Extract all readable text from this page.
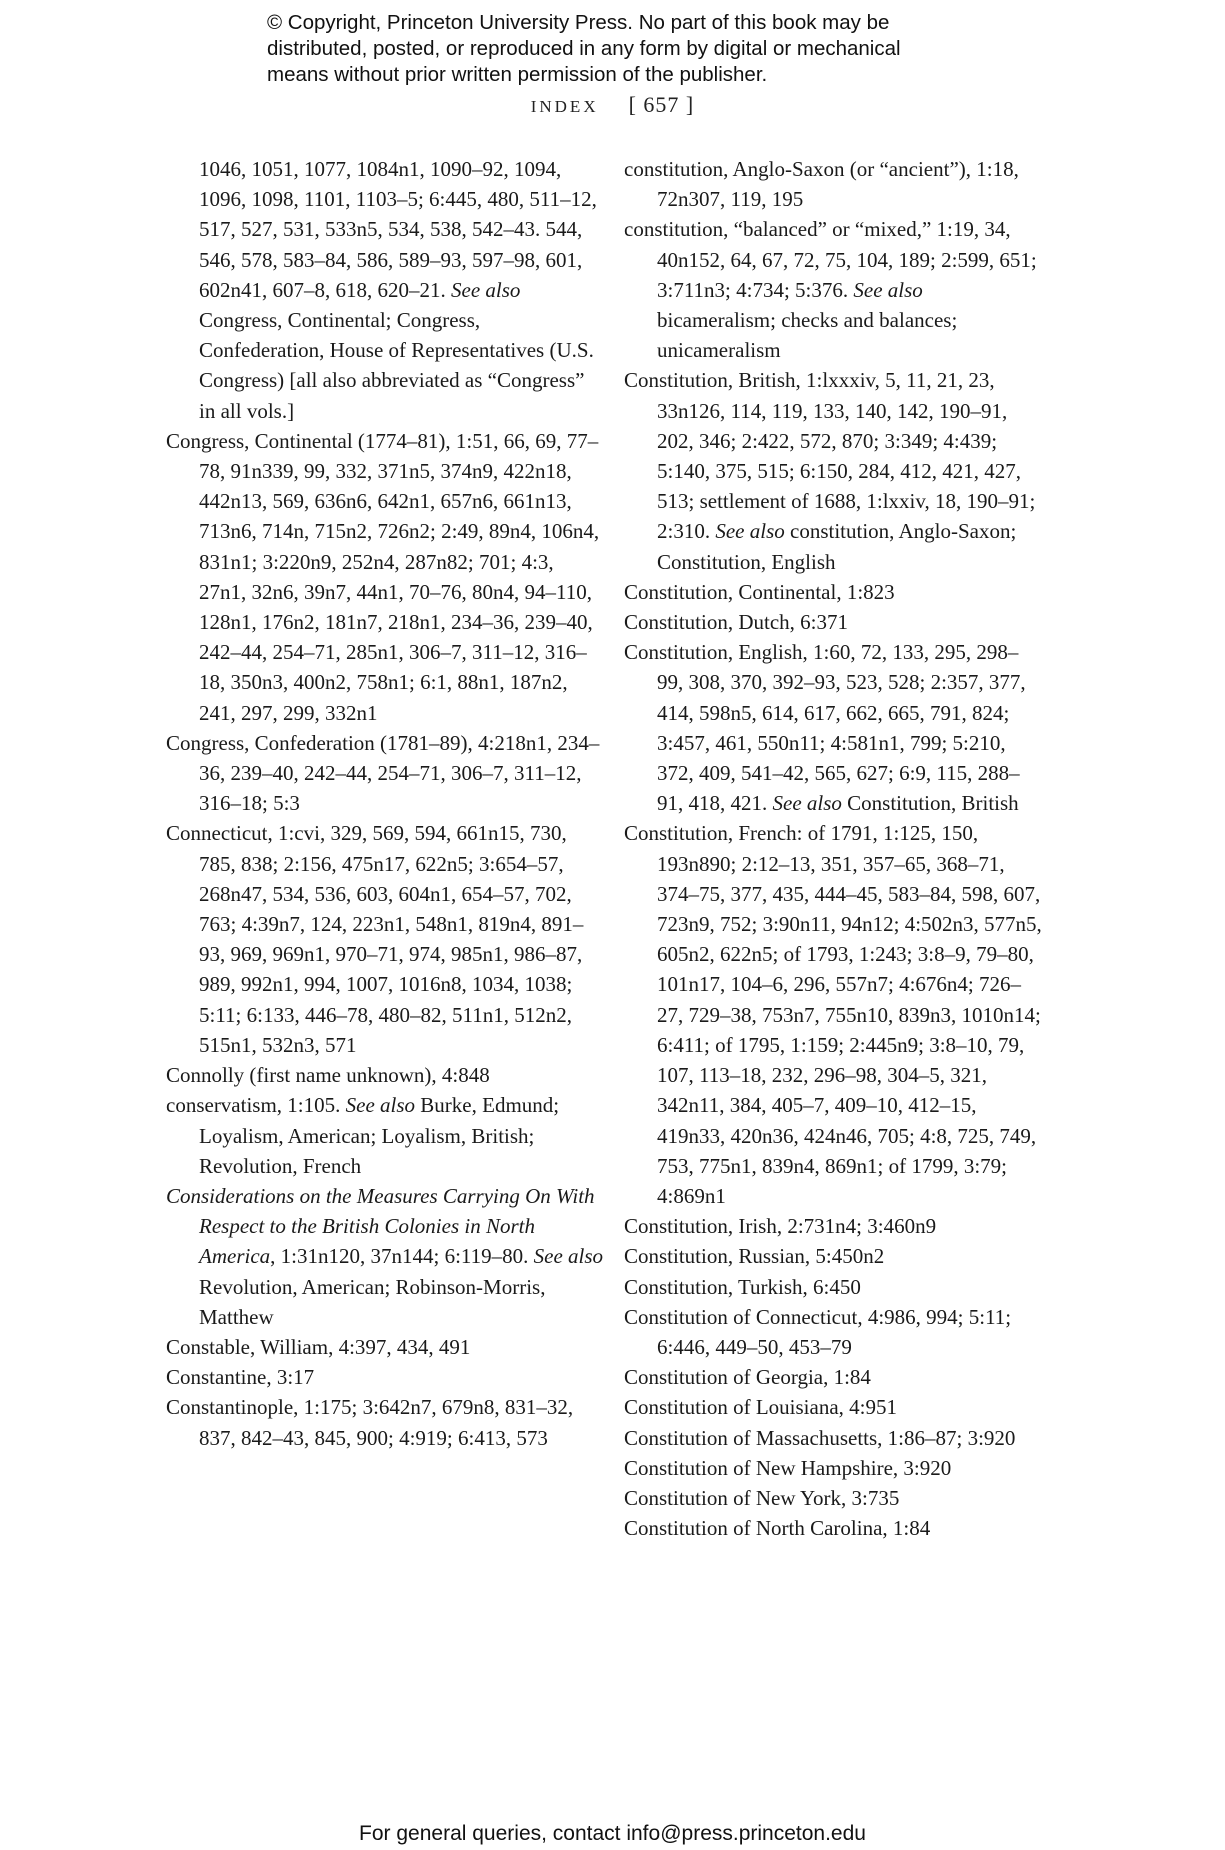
© Copyright, Princeton University Press. No part of this book may be
distributed, posted, or reproduced in any form by digital or mechanical
means without prior written permission of the publisher.
INDEX [ 657 ]

1046, 1051, 1077, 1084n1, 1090–92, 1094, 1096, 1098, 1101, 1103–5; 6:445, 480, 511–12, 517, 527, 531, 533n5, 534, 538, 542–43. 544, 546, 578, 583–84, 586, 589–93, 597–98, 601, 602n41, 607–8, 618, 620–21. See also Congress, Continental; Congress, Confederation, House of Representatives (U.S. Congress) [all also abbreviated as “Congress” in all vols.]

Congress, Continental (1774–81), 1:51, 66, 69, 77–78, 91n339, 99, 332, 371n5, 374n9, 422n18, 442n13, 569, 636n6, 642n1, 657n6, 661n13, 713n6, 714n, 715n2, 726n2; 2:49, 89n4, 106n4, 831n1; 3:220n9, 252n4, 287n82; 701; 4:3, 27n1, 32n6, 39n7, 44n1, 70–76, 80n4, 94–110, 128n1, 176n2, 181n7, 218n1, 234–36, 239–40, 242–44, 254–71, 285n1, 306–7, 311–12, 316–18, 350n3, 400n2, 758n1; 6:1, 88n1, 187n2, 241, 297, 299, 332n1

Congress, Confederation (1781–89), 4:218n1, 234–36, 239–40, 242–44, 254–71, 306–7, 311–12, 316–18; 5:3

Connecticut, 1:cvi, 329, 569, 594, 661n15, 730, 785, 838; 2:156, 475n17, 622n5; 3:654–57, 268n47, 534, 536, 603, 604n1, 654–57, 702, 763; 4:39n7, 124, 223n1, 548n1, 819n4, 891–93, 969, 969n1, 970–71, 974, 985n1, 986–87, 989, 992n1, 994, 1007, 1016n8, 1034, 1038; 5:11; 6:133, 446–78, 480–82, 511n1, 512n2, 515n1, 532n3, 571

Connolly (first name unknown), 4:848

conservatism, 1:105. See also Burke, Edmund; Loyalism, American; Loyalism, British; Revolution, French

Considerations on the Measures Carrying On With Respect to the British Colonies in North America, 1:31n120, 37n144; 6:119–80. See also Revolution, American; Robinson-Morris, Matthew

Constable, William, 4:397, 434, 491

Constantine, 3:17

Constantinople, 1:175; 3:642n7, 679n8, 831–32, 837, 842–43, 845, 900; 4:919; 6:413, 573

constitution, Anglo-Saxon (or “ancient”), 1:18, 72n307, 119, 195

constitution, “balanced” or “mixed,” 1:19, 34, 40n152, 64, 67, 72, 75, 104, 189; 2:599, 651; 3:711n3; 4:734; 5:376. See also bicameralism; checks and balances; unicameralism

Constitution, British, 1:lxxxiv, 5, 11, 21, 23, 33n126, 114, 119, 133, 140, 142, 190–91, 202, 346; 2:422, 572, 870; 3:349; 4:439; 5:140, 375, 515; 6:150, 284, 412, 421, 427, 513; settlement of 1688, 1:lxxiv, 18, 190–91; 2:310. See also constitution, Anglo-Saxon; Constitution, English

Constitution, Continental, 1:823

Constitution, Dutch, 6:371

Constitution, English, 1:60, 72, 133, 295, 298–99, 308, 370, 392–93, 523, 528; 2:357, 377, 414, 598n5, 614, 617, 662, 665, 791, 824; 3:457, 461, 550n11; 4:581n1, 799; 5:210, 372, 409, 541–42, 565, 627; 6:9, 115, 288–91, 418, 421. See also Constitution, British

Constitution, French: of 1791, 1:125, 150, 193n890; 2:12–13, 351, 357–65, 368–71, 374–75, 377, 435, 444–45, 583–84, 598, 607, 723n9, 752; 3:90n11, 94n12; 4:502n3, 577n5, 605n2, 622n5; of 1793, 1:243; 3:8–9, 79–80, 101n17, 104–6, 296, 557n7; 4:676n4; 726–27, 729–38, 753n7, 755n10, 839n3, 1010n14; 6:411; of 1795, 1:159; 2:445n9; 3:8–10, 79, 107, 113–18, 232, 296–98, 304–5, 321, 342n11, 384, 405–7, 409–10, 412–15, 419n33, 420n36, 424n46, 705; 4:8, 725, 749, 753, 775n1, 839n4, 869n1; of 1799, 3:79; 4:869n1

Constitution, Irish, 2:731n4; 3:460n9

Constitution, Russian, 5:450n2

Constitution, Turkish, 6:450

Constitution of Connecticut, 4:986, 994; 5:11; 6:446, 449–50, 453–79

Constitution of Georgia, 1:84

Constitution of Louisiana, 4:951

Constitution of Massachusetts, 1:86–87; 3:920

Constitution of New Hampshire, 3:920

Constitution of New York, 3:735

Constitution of North Carolina, 1:84

For general queries, contact info@press.princeton.edu
